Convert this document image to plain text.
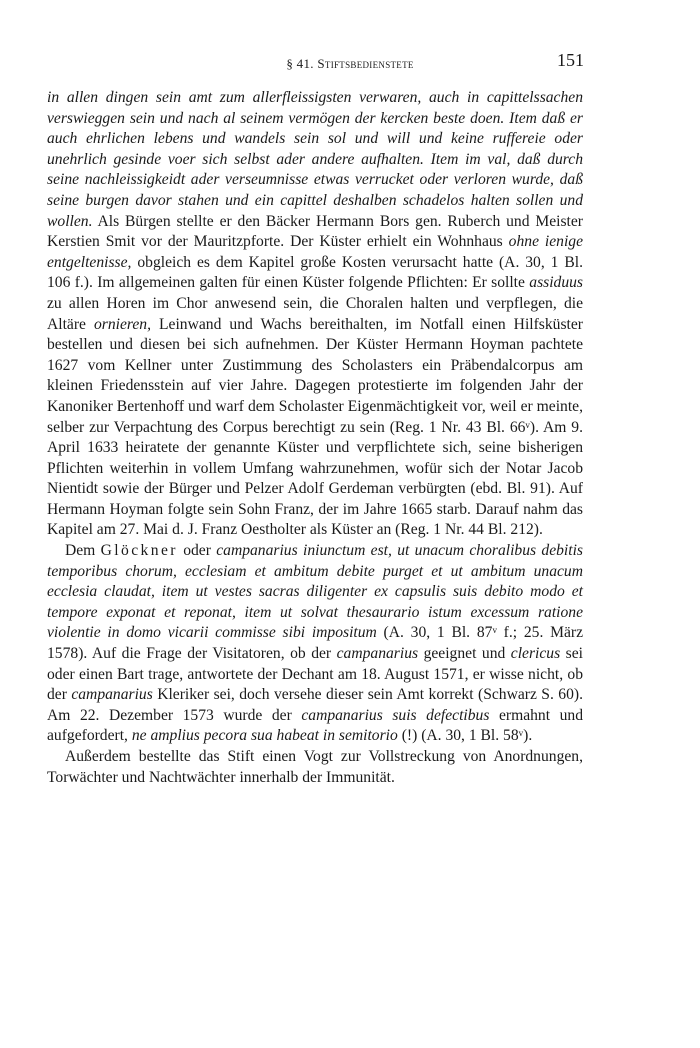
§ 41. Stiftsbedienstete	151

in allen dingen sein amt zum allerfleissigsten verwaren, auch in capittelssachen verswieggen sein und nach al seinem vermögen der kercken beste doen. Item daß er auch ehrlichen lebens und wandels sein sol und will und keine ruffereie oder unehrlich gesinde voer sich selbst ader andere aufhalten. Item im val, daß durch seine nachleissigkeidt ader verseumnisse etwas verrucket oder verloren wurde, daß seine burgen davor stahen und ein capittel deshalben schadelos halten sollen und wollen. Als Bürgen stellte er den Bäcker Hermann Bors gen. Ruberch und Meister Kerstien Smit vor der Mauritzpforte. Der Küster erhielt ein Wohnhaus ohne ienige entgeltenisse, obgleich es dem Kapitel große Kosten verursacht hatte (A. 30, 1 Bl. 106 f.). Im allgemeinen galten für einen Küster folgende Pflichten: Er sollte assiduus zu allen Horen im Chor anwesend sein, die Choralen halten und verpflegen, die Altäre ornieren, Leinwand und Wachs bereithalten, im Notfall einen Hilfsküster bestellen und diesen bei sich aufnehmen. Der Küster Hermann Hoyman pachtete 1627 vom Kellner unter Zustimmung des Scholasters ein Präbendalcorpus am kleinen Friedensstein auf vier Jahre. Dagegen protestierte im folgenden Jahr der Kanoniker Bertenhoff und warf dem Scholaster Eigenmächtigkeit vor, weil er meinte, selber zur Verpachtung des Corpus berechtigt zu sein (Reg. 1 Nr. 43 Bl. 66$^v$). Am 9. April 1633 heiratete der genannte Küster und verpflichtete sich, seine bisherigen Pflichten weiterhin in vollem Umfang wahrzunehmen, wofür sich der Notar Jacob Nientidt sowie der Bürger und Pelzer Adolf Gerdeman verbürgten (ebd. Bl. 91). Auf Hermann Hoyman folgte sein Sohn Franz, der im Jahre 1665 starb. Darauf nahm das Kapitel am 27. Mai d. J. Franz Oestholter als Küster an (Reg. 1 Nr. 44 Bl. 212).

Dem Glöckner oder campanarius iniunctum est, ut unacum choralibus debitis temporibus chorum, ecclesiam et ambitum debite purget et ut ambitum unacum ecclesia claudat, item ut vestes sacras diligenter ex capsulis suis debito modo et tempore exponat et reponat, item ut solvat thesaurario istum excessum ratione violentie in domo vicarii commisse sibi impositum (A. 30, 1 Bl. 87$^v$ f.; 25. März 1578). Auf die Frage der Visitatoren, ob der campanarius geeignet und clericus sei oder einen Bart trage, antwortete der Dechant am 18. August 1571, er wisse nicht, ob der campanarius Kleriker sei, doch versehe dieser sein Amt korrekt (Schwarz S. 60). Am 22. Dezember 1573 wurde der campanarius suis defectibus ermahnt und aufgefordert, ne amplius pecora sua habeat in semitorio (!) (A. 30, 1 Bl. 58$^v$).

Außerdem bestellte das Stift einen Vogt zur Vollstreckung von Anordnungen, Torwächter und Nachtwächter innerhalb der Immunität.
